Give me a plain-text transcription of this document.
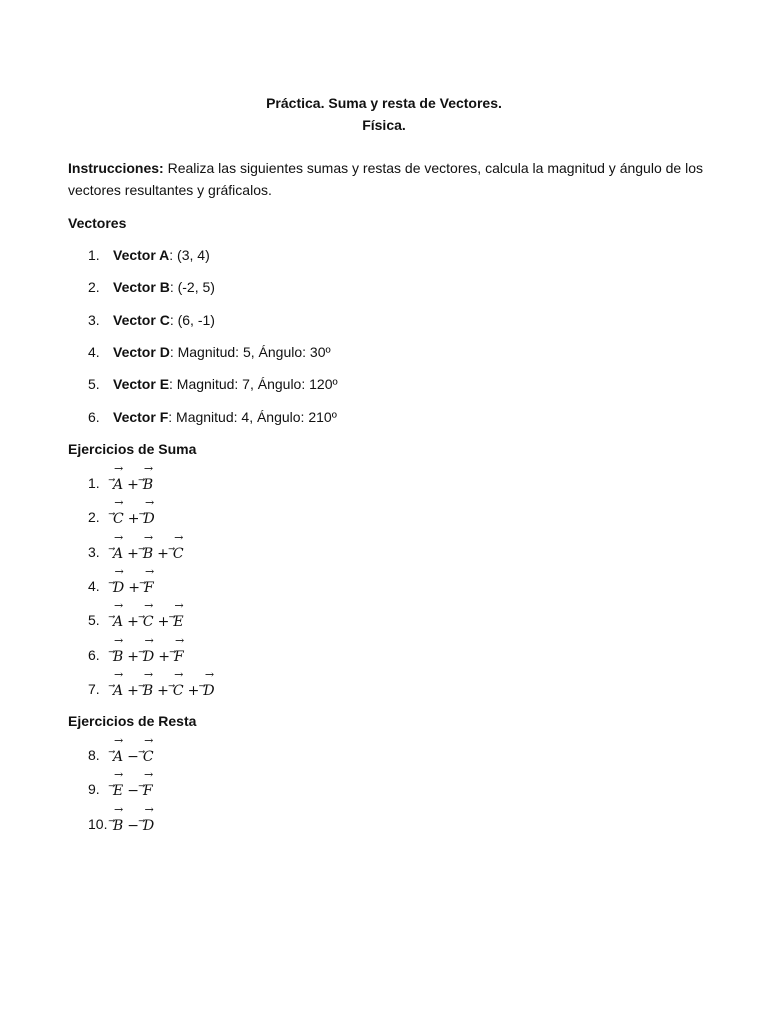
Práctica. Suma y resta de Vectores.
Física.
Instrucciones: Realiza las siguientes sumas y restas de vectores, calcula la magnitud y ángulo de los vectores resultantes y gráficalos.
Vectores
1. Vector A: (3, 4)
2. Vector B: (-2, 5)
3. Vector C: (6, -1)
4. Vector D: Magnitud: 5, Ángulo: 30º
5. Vector E: Magnitud: 7, Ángulo: 120º
6. Vector F: Magnitud: 4, Ángulo: 210º
Ejercicios de Suma
1.
⃗ →
A +
⃗ →
B
2.
⃗ →
C +
⃗ →
D
3.
⃗ →
A +
⃗ →
B +
⃗ →
C
4.
⃗ →
D +
⃗ →
F
5.
⃗ →
A +
⃗ →
C +
⃗ →
E
6.
⃗ →
B +
⃗ →
D +
⃗ →
F
7.
⃗ →
A +
⃗ →
B +
⃗ →
C +
⃗ →
D
Ejercicios de Resta
8.
⃗ →
A −
⃗ →
C
9.
⃗ →
E −
⃗ →
F
10.
⃗ →
B −
⃗ →
D
